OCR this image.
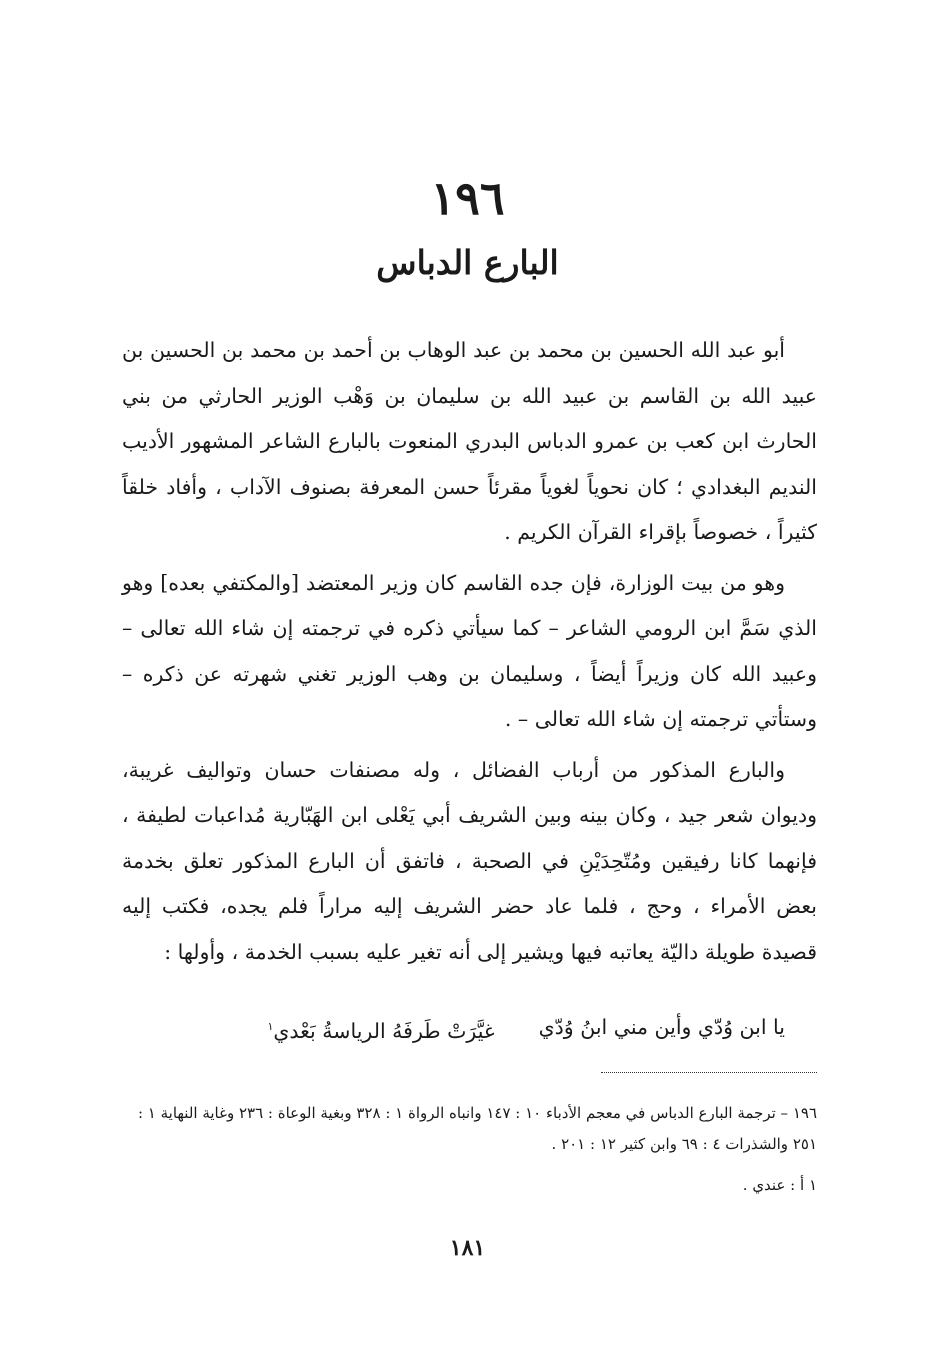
١٩٦
البارع الدباس

أبو عبد الله الحسين بن محمد بن عبد الوهاب بن أحمد بن محمد بن الحسين بن عبيد الله بن القاسم بن عبيد الله بن سليمان بن وَهْب الوزير الحارثي من بني الحارث ابن كعب بن عمرو الدباس البدري المنعوت بالبارع الشاعر المشهور الأديب النديم البغدادي ؛ كان نحوياً لغوياً مقرئاً حسن المعرفة بصنوف الآداب ، وأفاد خلقاً كثيراً ، خصوصاً بإقراء القرآن الكريم .

وهو من بيت الوزارة، فإن جده القاسم كان وزير المعتضد [والمكتفي بعده] وهو الذي سَمَّ ابن الرومي الشاعر – كما سيأتي ذكره في ترجمته إن شاء الله تعالى – وعبيد الله كان وزيراً أيضاً ، وسليمان بن وهب الوزير تغني شهرته عن ذكره – وستأتي ترجمته إن شاء الله تعالى – .

والبارع المذكور من أرباب الفضائل ، وله مصنفات حسان وتواليف غريبة، وديوان شعر جيد ، وكان بينه وبين الشريف أبي يَعْلى ابن الهَبّارية مُداعبات لطيفة ، فإنهما كانا رفيقين ومُتّحِدَيْنِ في الصحبة ، فاتفق أن البارع المذكور تعلق بخدمة بعض الأمراء ، وحج ، فلما عاد حضر الشريف إليه مراراً فلم يجده، فكتب إليه قصيدة طويلة داليّة يعاتبه فيها ويشير إلى أنه تغير عليه بسبب الخدمة ، وأولها :

يا ابن وُدّي وأين مني ابنُ وُدّي
غيَّرَتْ طَرفَهُ الرياسةُ بَعْدي$^١$

١٩٦ – ترجمة البارع الدباس في معجم الأدباء ١٠ : ١٤٧ وانباه الرواة ١ : ٣٢٨ وبغية الوعاة : ٢٣٦ وغاية النهاية ١ : ٢٥١ والشذرات ٤ : ٦٩ وابن كثير ١٢ : ٢٠١ .

١ أ : عندي .

١٨١
